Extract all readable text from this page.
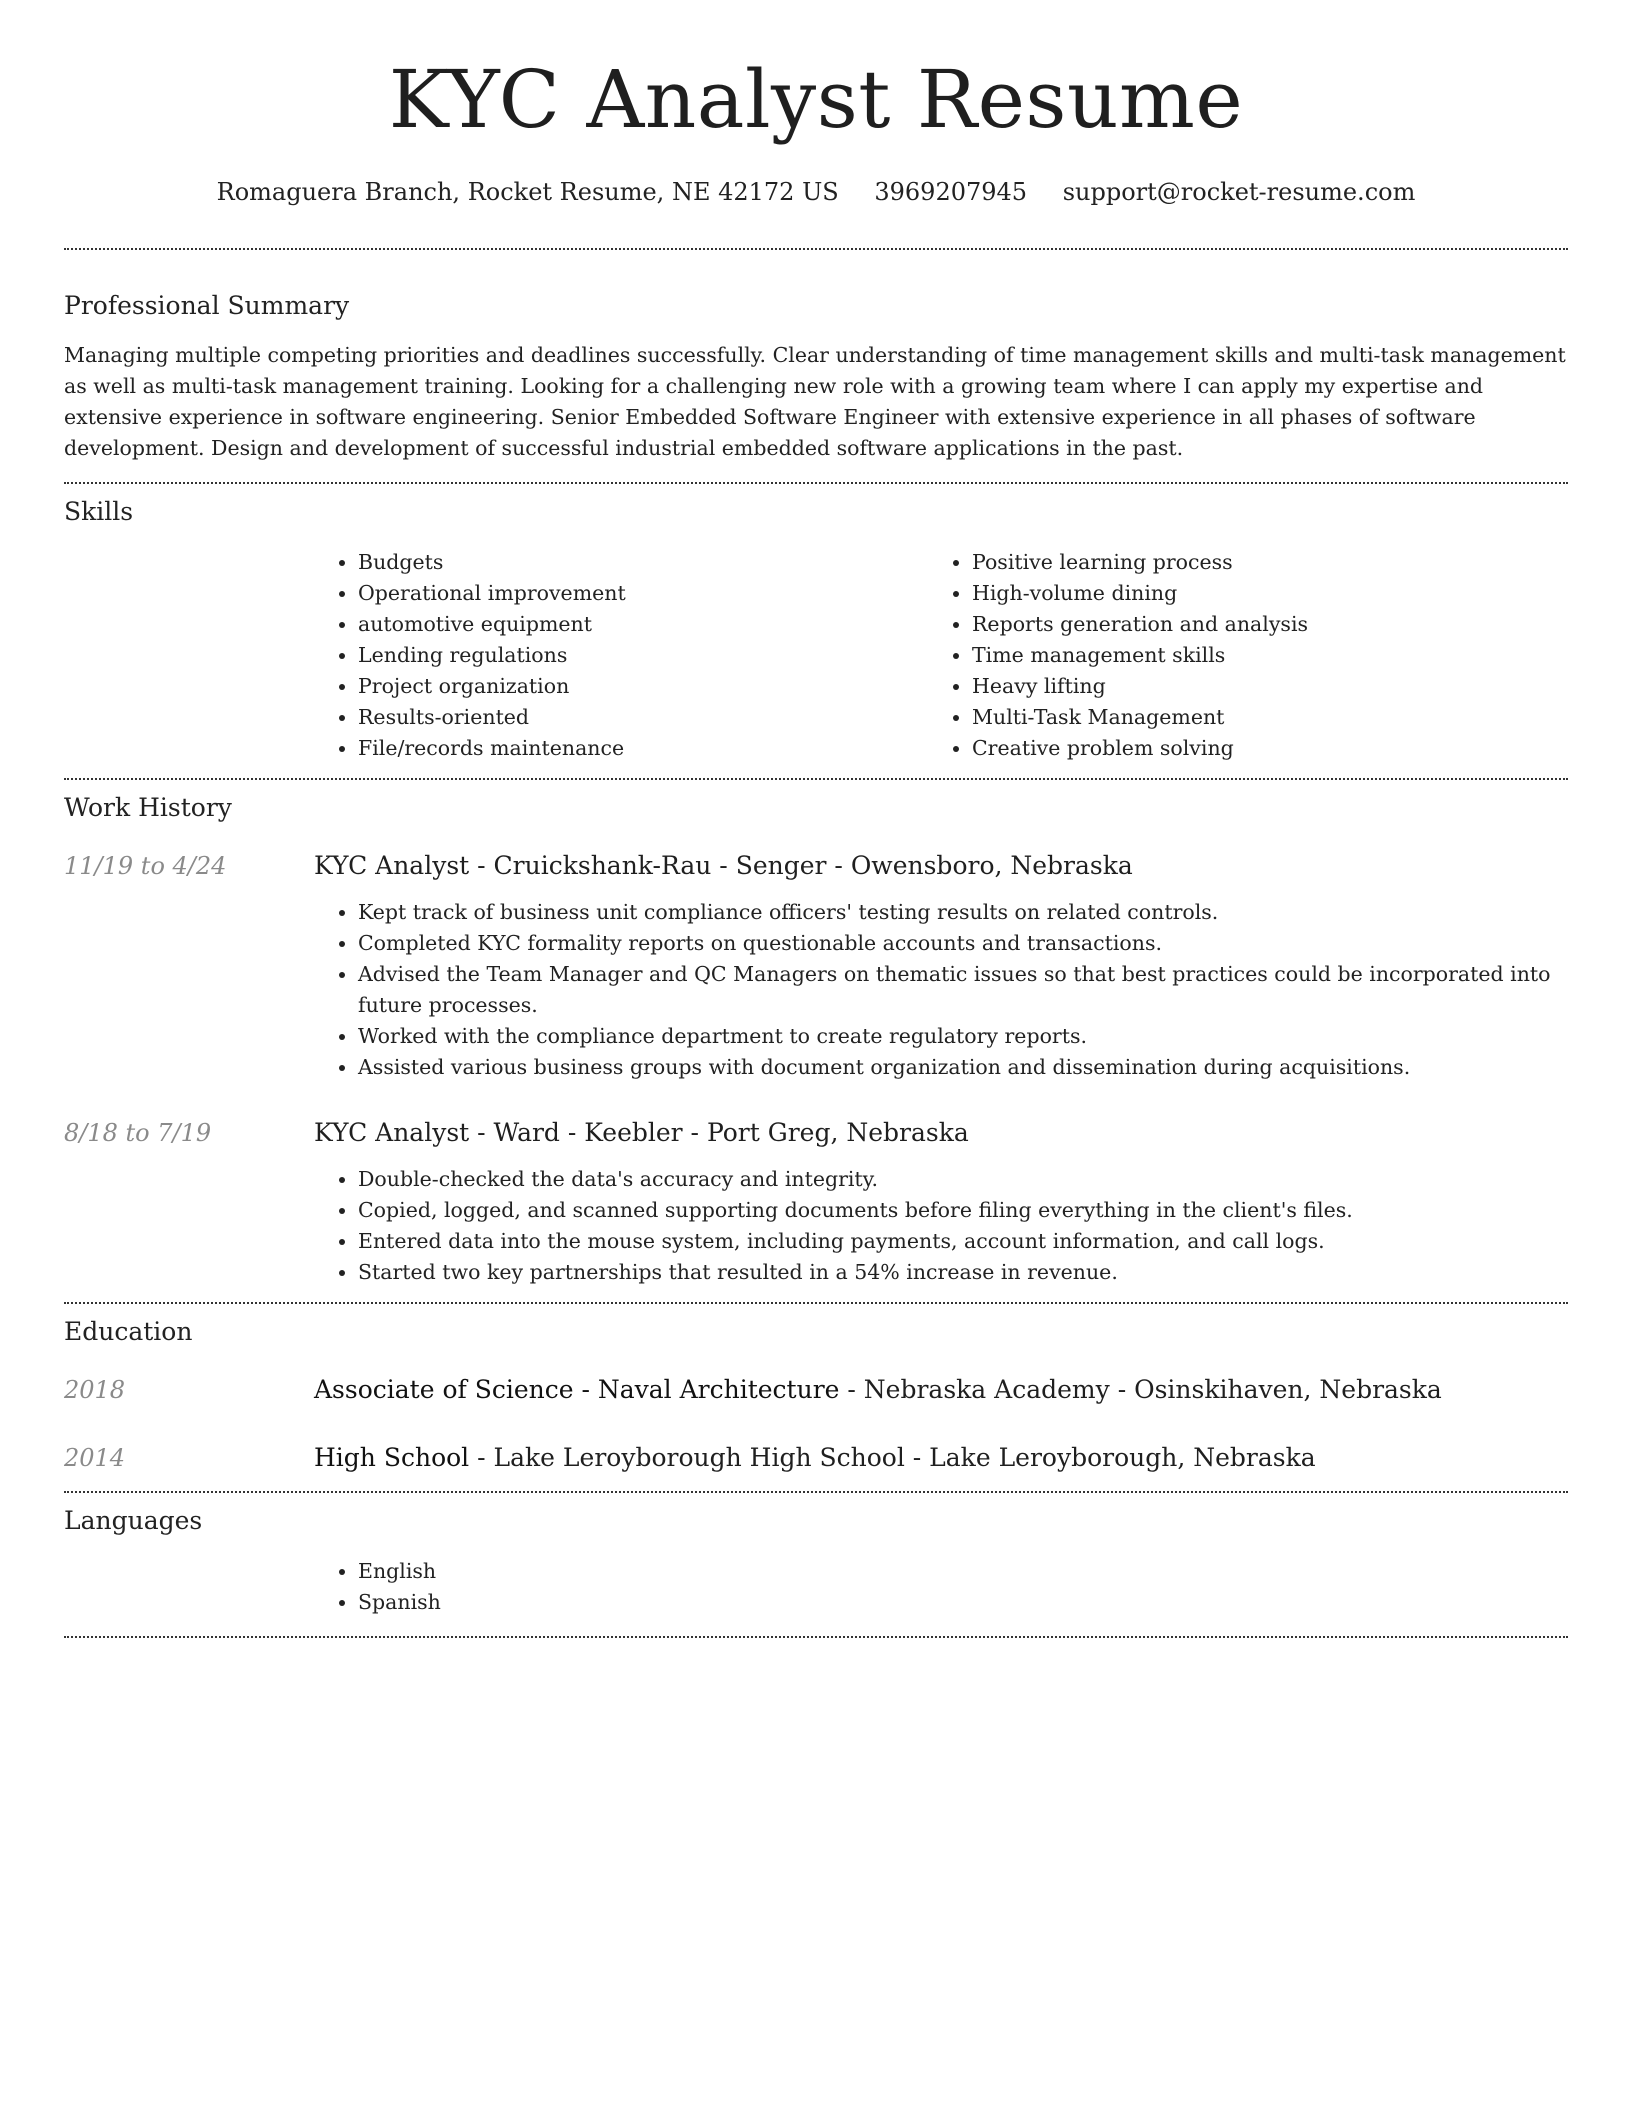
KYC Analyst Resume
Romaguera Branch, Rocket Resume, NE 42172 US 3969207945 support@rocket-resume.com
Professional Summary

Managing multiple competing priorities and deadlines successfully. Clear understanding of time management skills and multi-task management as well as multi-task management training. Looking for a challenging new role with a growing team where I can apply my expertise and extensive experience in software engineering. Senior Embedded Software Engineer with extensive experience in all phases of software development. Design and development of successful industrial embedded software applications in the past.

Skills
• Budgets
• Operational improvement
• automotive equipment
• Lending regulations
• Project organization
• Results-oriented
• File/records maintenance
• Positive learning process
• High-volume dining
• Reports generation and analysis
• Time management skills
• Heavy lifting
• Multi-Task Management
• Creative problem solving
Work History
11/19 to 4/24	KYC Analyst - Cruickshank-Rau - Senger - Owensboro, Nebraska
• Kept track of business unit compliance officers' testing results on related controls.
• Completed KYC formality reports on questionable accounts and transactions.
• Advised the Team Manager and QC Managers on thematic issues so that best practices could be incorporated into future processes.
• Worked with the compliance department to create regulatory reports.
• Assisted various business groups with document organization and dissemination during acquisitions.
8/18 to 7/19	KYC Analyst - Ward - Keebler - Port Greg, Nebraska
• Double-checked the data's accuracy and integrity.
• Copied, logged, and scanned supporting documents before filing everything in the client's files.
• Entered data into the mouse system, including payments, account information, and call logs.
• Started two key partnerships that resulted in a 54% increase in revenue.
Education
2018	Associate of Science - Naval Architecture - Nebraska Academy - Osinskihaven, Nebraska
2014	High School - Lake Leroyborough High School - Lake Leroyborough, Nebraska
Languages
• English
• Spanish
